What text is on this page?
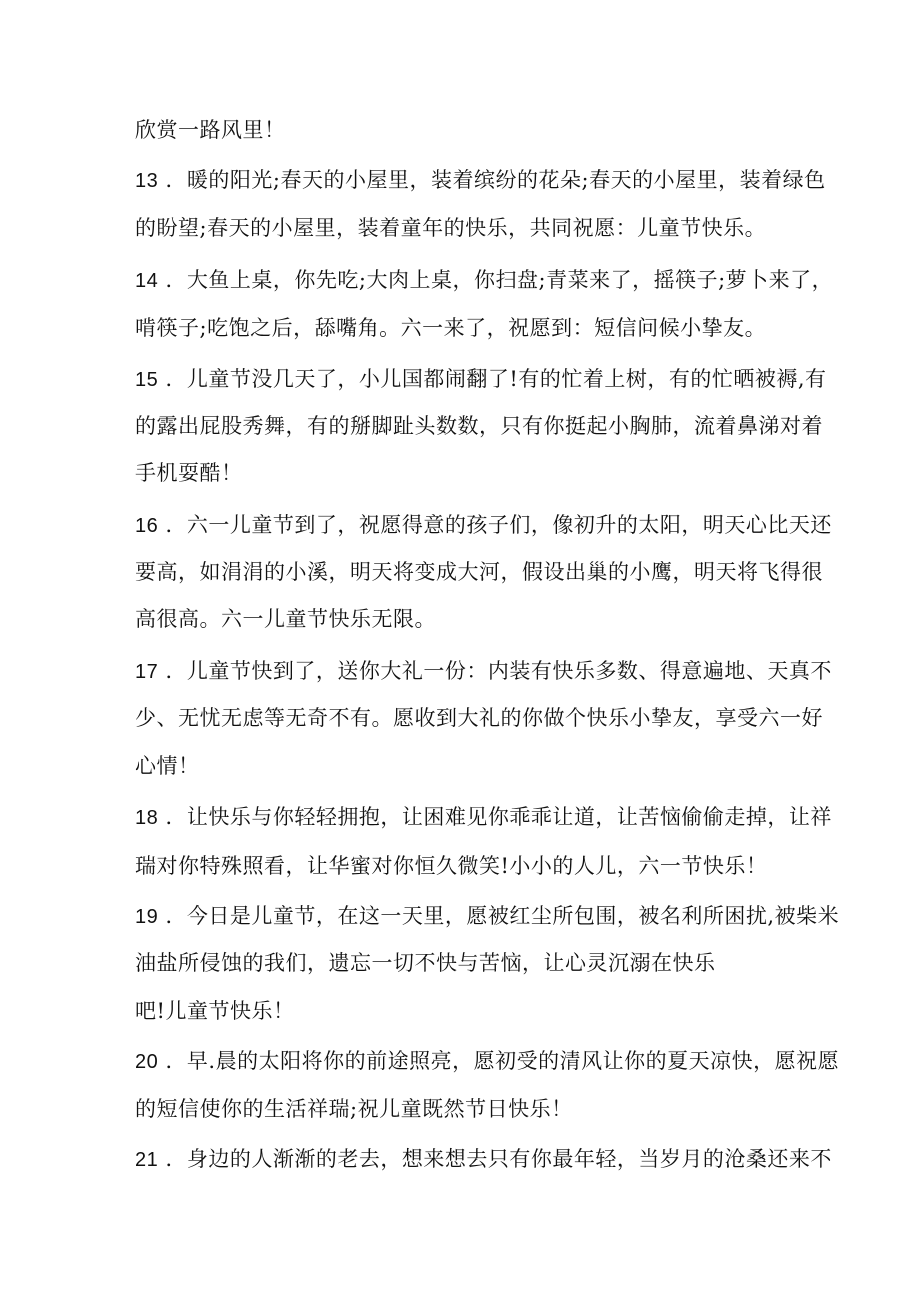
欣赏一路风里！
13 ．暖的阳光;春天的小屋里，装着缤纷的花朵;春天的小屋里，装着绿色
的盼望;春天的小屋里，装着童年的快乐，共同祝愿：儿童节快乐。
14 ．大鱼上桌，你先吃;大肉上桌，你扫盘;青菜来了，摇筷子;萝卜来了，
啃筷子;吃饱之后，舔嘴角。六一来了，祝愿到：短信问候小挚友。
15 ．儿童节没几天了，小儿国都闹翻了!有的忙着上树，有的忙晒被褥,有
的露出屁股秀舞，有的掰脚趾头数数，只有你挺起小胸肺，流着鼻涕对着
手机耍酷！
16 ．六一儿童节到了，祝愿得意的孩子们，像初升的太阳，明天心比天还
要高，如涓涓的小溪，明天将变成大河，假设出巢的小鹰，明天将飞得很
高很高。六一儿童节快乐无限。
17 ．儿童节快到了，送你大礼一份：内装有快乐多数、得意遍地、天真不
少、无忧无虑等无奇不有。愿收到大礼的你做个快乐小挚友，享受六一好
心情！
18 ．让快乐与你轻轻拥抱，让困难见你乖乖让道，让苦恼偷偷走掉，让祥
瑞对你特殊照看，让华蜜对你恒久微笑!小小的人儿，六一节快乐！
19 ．今日是儿童节，在这一天里，愿被红尘所包围，被名利所困扰,被柴米
油盐所侵蚀的我们，遗忘一切不快与苦恼，让心灵沉溺在快乐
吧!儿童节快乐！
20 ．早.晨的太阳将你的前途照亮，愿初受的清风让你的夏天凉快，愿祝愿
的短信使你的生活祥瑞;祝儿童既然节日快乐！
21 ．身边的人渐渐的老去，想来想去只有你最年轻，当岁月的沧桑还来不
